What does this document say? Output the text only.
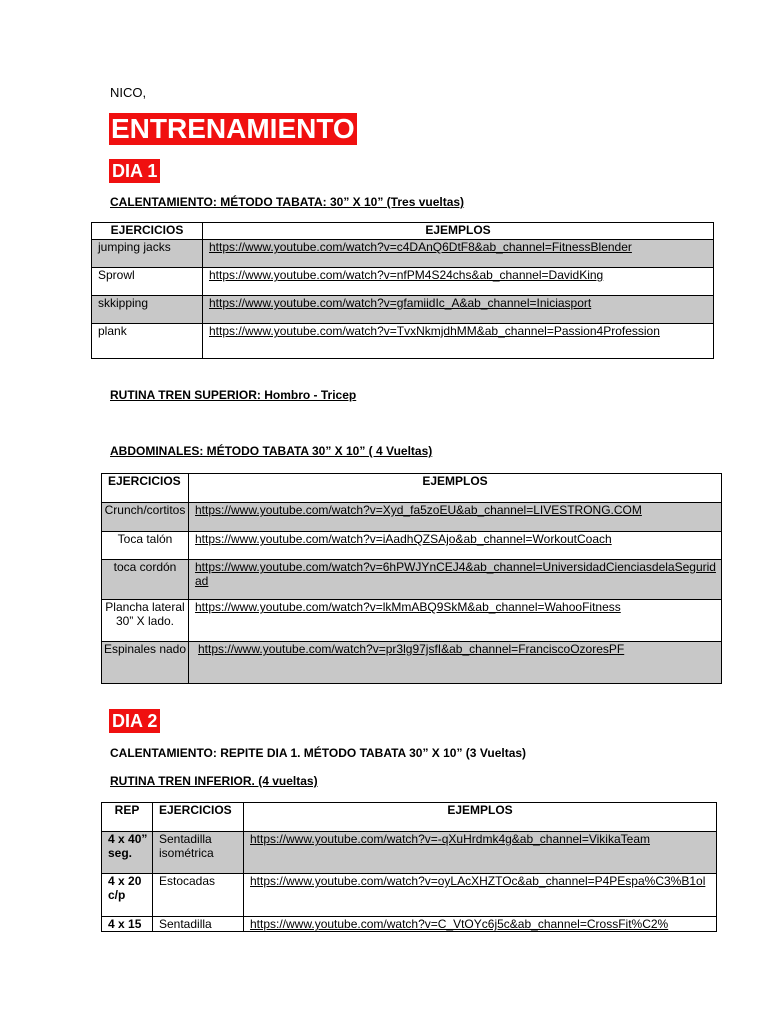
NICO,
ENTRENAMIENTO
DIA 1
CALENTAMIENTO: MÉTODO TABATA: 30” X 10” (Tres vueltas)
EJERCICIOS	EJEMPLOS
jumping jacks	https://www.youtube.com/watch?v=c4DAnQ6DtF8&ab_channel=FitnessBlender
Sprowl	https://www.youtube.com/watch?v=nfPM4S24chs&ab_channel=DavidKing
skkipping	https://www.youtube.com/watch?v=gfamiidIc_A&ab_channel=Iniciasport
plank	https://www.youtube.com/watch?v=TvxNkmjdhMM&ab_channel=Passion4Profession
RUTINA TREN SUPERIOR: Hombro - Tricep
ABDOMINALES: MÉTODO TABATA 30” X 10” ( 4 Vueltas)
EJERCICIOS	EJEMPLOS
Crunch/cortitos	https://www.youtube.com/watch?v=Xyd_fa5zoEU&ab_channel=LIVESTRONG.COM
Toca talón	https://www.youtube.com/watch?v=iAadhQZSAjo&ab_channel=WorkoutCoach
toca cordón	https://www.youtube.com/watch?v=6hPWJYnCEJ4&ab_channel=UniversidadCienciasdelaSeguridad
Plancha lateral 30” X lado.	https://www.youtube.com/watch?v=lkMmABQ9SkM&ab_channel=WahooFitness
Espinales nado	https://www.youtube.com/watch?v=pr3lg97jsfI&ab_channel=FranciscoOzoresPF
DIA 2
CALENTAMIENTO: REPITE DIA 1. MÉTODO TABATA 30” X 10” (3 Vueltas)
RUTINA TREN INFERIOR. (4 vueltas)
REP	EJERCICIOS	EJEMPLOS
4 x 40” seg.	Sentadilla isométrica	https://www.youtube.com/watch?v=-qXuHrdmk4g&ab_channel=VikikaTeam
4 x 20 c/p	Estocadas	https://www.youtube.com/watch?v=oyLAcXHZTOc&ab_channel=P4PEspa%C3%B1ol
4 x 15	Sentadilla	https://www.youtube.com/watch?v=C_VtOYc6j5c&ab_channel=CrossFit%C2%
